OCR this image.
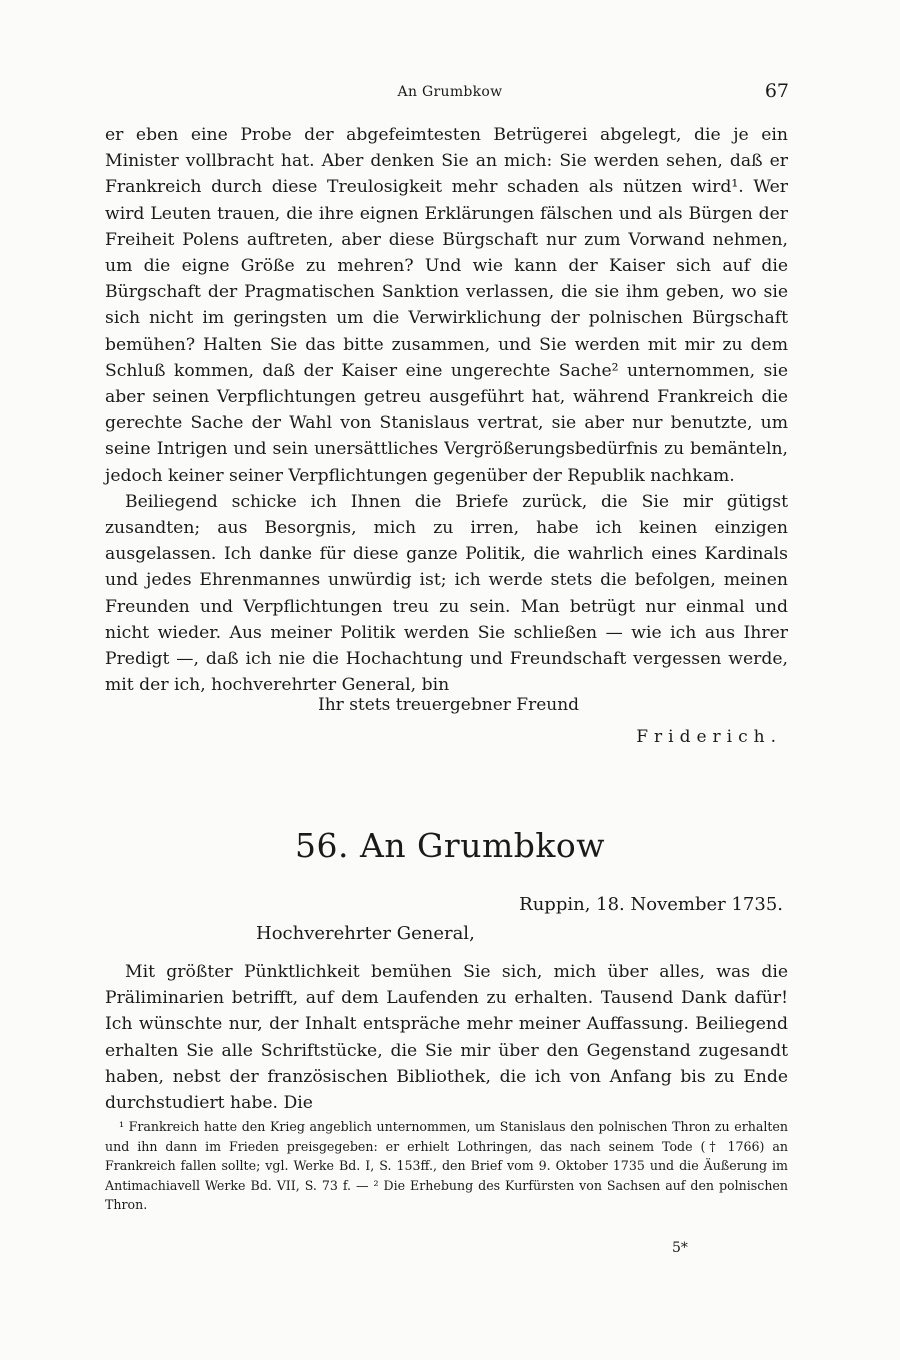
An Grumbkow	67

er eben eine Probe der abgefeimtesten Betrügerei abgelegt, die je ein Minister vollbracht hat. Aber denken Sie an mich: Sie werden sehen, daß er Frankreich durch diese Treulosigkeit mehr schaden als nützen wird¹. Wer wird Leuten trauen, die ihre eignen Erklärungen fälschen und als Bürgen der Freiheit Polens auftreten, aber diese Bürgschaft nur zum Vorwand nehmen, um die eigne Größe zu mehren? Und wie kann der Kaiser sich auf die Bürgschaft der Pragmatischen Sanktion verlassen, die sie ihm geben, wo sie sich nicht im geringsten um die Verwirklichung der polnischen Bürgschaft bemühen? Halten Sie das bitte zusammen, und Sie werden mit mir zu dem Schluß kommen, daß der Kaiser eine ungerechte Sache² unternommen, sie aber seinen Verpflichtungen getreu ausgeführt hat, während Frankreich die gerechte Sache der Wahl von Stanislaus vertrat, sie aber nur benutzte, um seine Intrigen und sein unersättliches Vergrößerungsbedürfnis zu bemänteln, jedoch keiner seiner Verpflichtungen gegenüber der Republik nachkam.

Beiliegend schicke ich Ihnen die Briefe zurück, die Sie mir gütigst zusandten; aus Besorgnis, mich zu irren, habe ich keinen einzigen ausgelassen. Ich danke für diese ganze Politik, die wahrlich eines Kardinals und jedes Ehrenmannes unwürdig ist; ich werde stets die befolgen, meinen Freunden und Verpflichtungen treu zu sein. Man betrügt nur einmal und nicht wieder. Aus meiner Politik werden Sie schließen — wie ich aus Ihrer Predigt —, daß ich nie die Hochachtung und Freundschaft vergessen werde, mit der ich, hochverehrter General, bin

Ihr stets treuergebner Freund
Friderich.
56. An Grumbkow
Ruppin, 18. November 1735.
Hochverehrter General,

Mit größter Pünktlichkeit bemühen Sie sich, mich über alles, was die Präliminarien betrifft, auf dem Laufenden zu erhalten. Tausend Dank dafür! Ich wünschte nur, der Inhalt entspräche mehr meiner Auffassung. Beiliegend erhalten Sie alle Schriftstücke, die Sie mir über den Gegenstand zugesandt haben, nebst der französischen Bibliothek, die ich von Anfang bis zu Ende durchstudiert habe. Die

¹ Frankreich hatte den Krieg angeblich unternommen, um Stanislaus den polnischen Thron zu erhalten und ihn dann im Frieden preisgegeben: er erhielt Lothringen, das nach seinem Tode († 1766) an Frankreich fallen sollte; vgl. Werke Bd. I, S. 153ff., den Brief vom 9. Oktober 1735 und die Äußerung im Antimachiavell Werke Bd. VII, S. 73 f. — ² Die Erhebung des Kurfürsten von Sachsen auf den polnischen Thron.

5*
